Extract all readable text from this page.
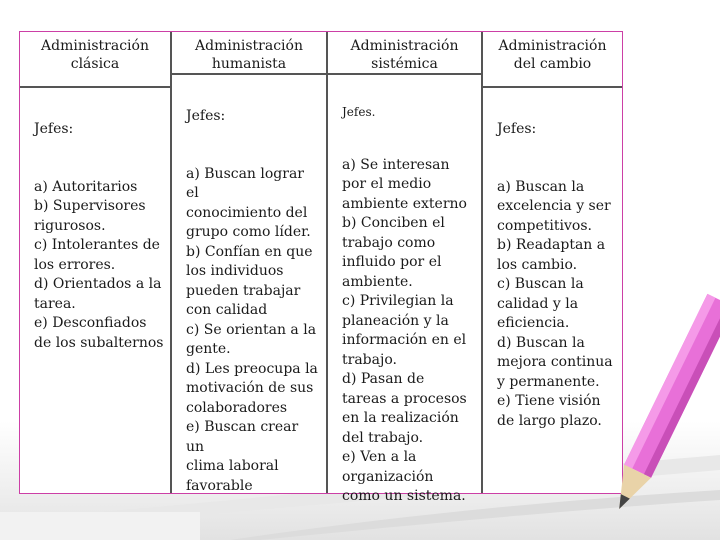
Administración
clásica

Jefes:

a) Autoritarios
b) Supervisores
rigurosos.
c) Intolerantes de
los errores.
d) Orientados a la
tarea.
e) Desconfiados
de los subalternos

Administración
humanista

Jefes:

a) Buscan lograr el
conocimiento del
grupo como líder.
b) Confían en que
los individuos
pueden trabajar
con calidad
c) Se orientan a la
gente.
d) Les preocupa la
motivación de sus
colaboradores
e) Buscan crear un
clima laboral
favorable

Administración
sistémica

Jefes.

a) Se interesan
por el medio
ambiente externo
b) Conciben el
trabajo como
influido por el
ambiente.
c) Privilegian la
planeación y la
información en el
trabajo.
d) Pasan de
tareas a procesos
en la realización
del trabajo.
e) Ven a la
organización
como un sistema.

Administración
del cambio

Jefes:

a) Buscan la
excelencia y ser
competitivos.
b) Readaptan a
los cambio.
c) Buscan la
calidad y la
eficiencia.
d) Buscan la
mejora continua
y permanente.
e) Tiene visión
de largo plazo.
